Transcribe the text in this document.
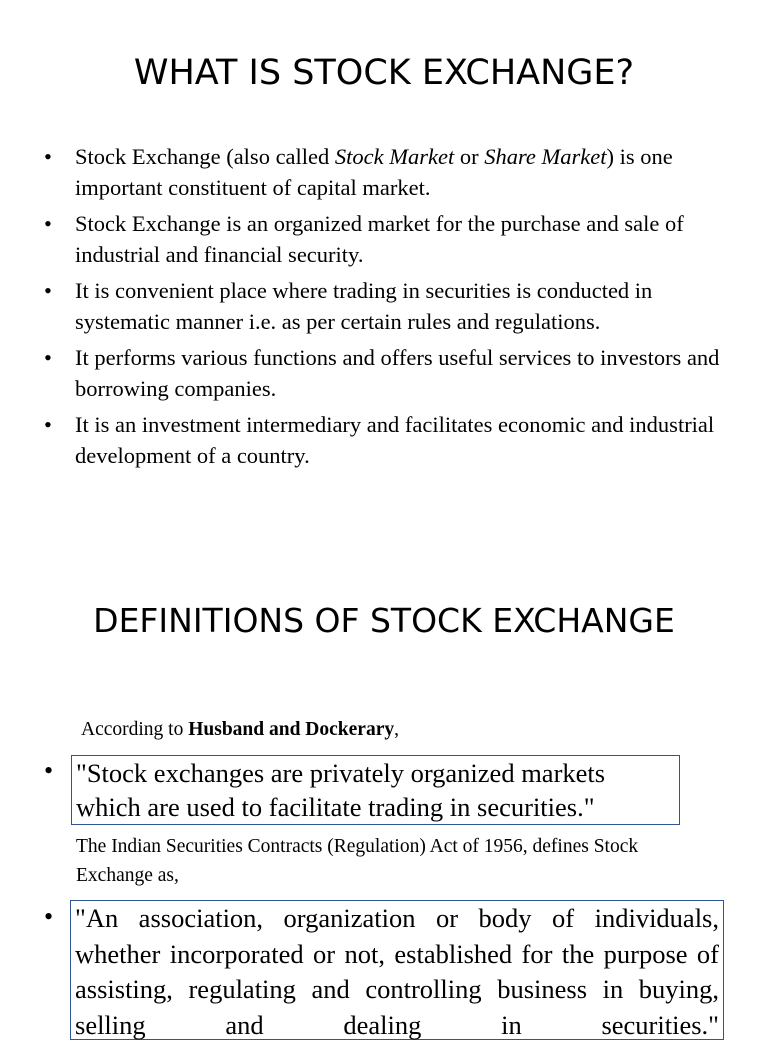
WHAT IS STOCK EXCHANGE?
• Stock Exchange (also called Stock Market or Share Market) is one important constituent of capital market.
• Stock Exchange is an organized market for the purchase and sale of industrial and financial security.
• It is convenient place where trading in securities is conducted in systematic manner i.e. as per certain rules and regulations.
• It performs various functions and offers useful services to investors and borrowing companies.
• It is an investment intermediary and facilitates economic and industrial development of a country.
DEFINITIONS OF STOCK EXCHANGE

According to Husband and Dockerary,

• "Stock exchanges are privately organized markets which are used to facilitate trading in securities."

The Indian Securities Contracts (Regulation) Act of 1956, defines Stock Exchange as,

• "An association, organization or body of individuals, whether incorporated or not, established for the purpose of assisting, regulating and controlling business in buying, selling and dealing in securities."
